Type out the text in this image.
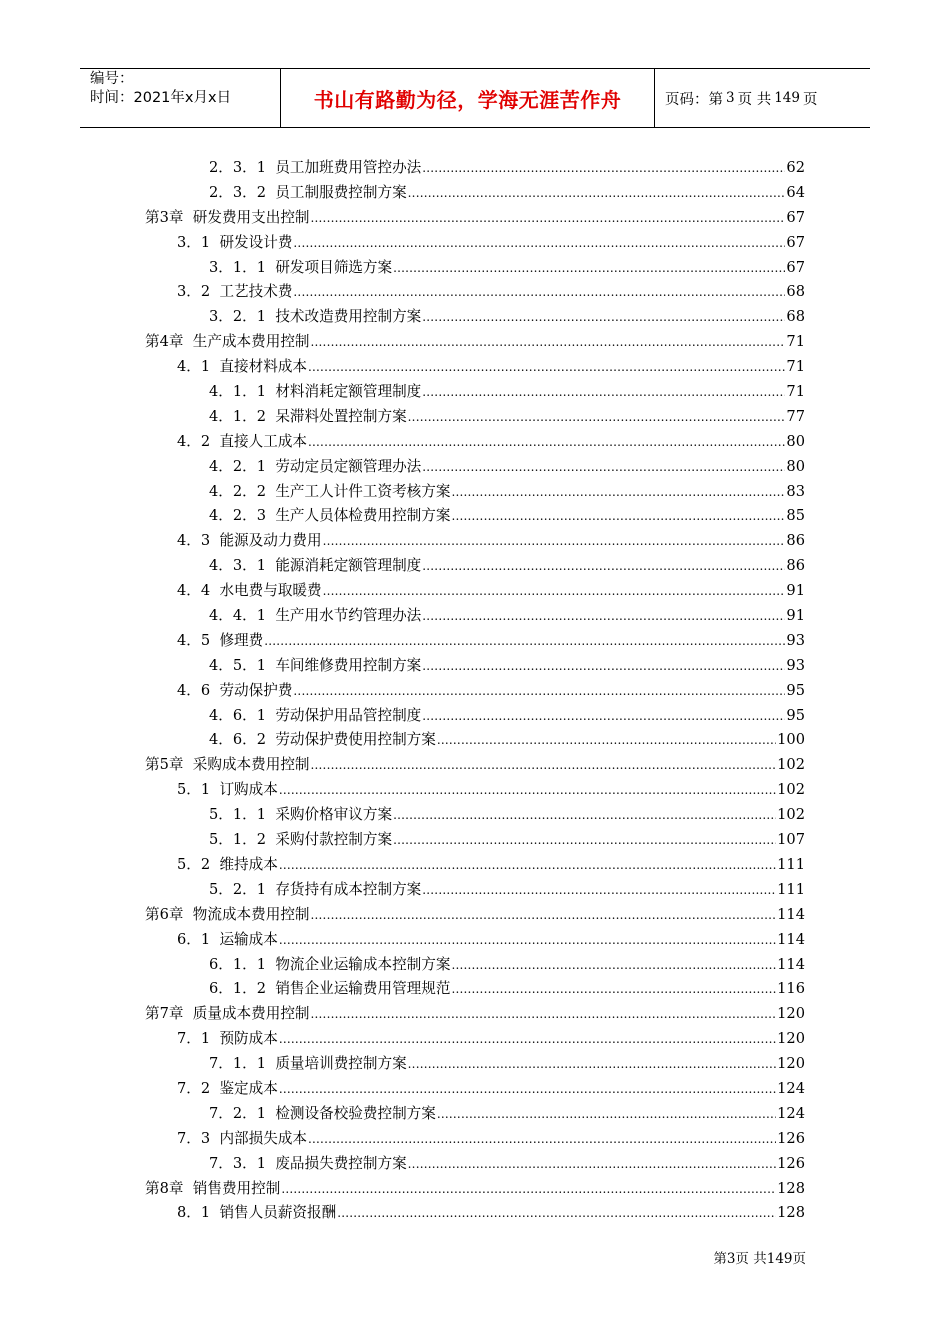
编号：
时间：2021年x月x日	书山有路勤为径，学海无涯苦作舟	页码：第 3 页 共 149 页
2．3．1  员工加班费用管控办法 .....	62
2．3．2  员工制服费控制方案 .....	64
第3章  研发费用支出控制 .....	67
3．1  研发设计费 .....	67
3．1．1  研发项目筛选方案 .....	67
3．2  工艺技术费 .....	68
3．2．1  技术改造费用控制方案 .....	68
第4章  生产成本费用控制 .....	71
4．1  直接材料成本 .....	71
4．1．1  材料消耗定额管理制度 .....	71
4．1．2  呆滞料处置控制方案 .....	77
4．2  直接人工成本 .....	80
4．2．1  劳动定员定额管理办法 .....	80
4．2．2  生产工人计件工资考核方案 .....	83
4．2．3  生产人员体检费用控制方案 .....	85
4．3  能源及动力费用 .....	86
4．3．1  能源消耗定额管理制度 .....	86
4．4  水电费与取暖费 .....	91
4．4．1  生产用水节约管理办法 .....	91
4．5  修理费 .....	93
4．5．1  车间维修费用控制方案 .....	93
4．6  劳动保护费 .....	95
4．6．1  劳动保护用品管控制度 .....	95
4．6．2  劳动保护费使用控制方案 .....	100
第5章  采购成本费用控制 .....	102
5．1  订购成本 .....	102
5．1．1  采购价格审议方案 .....	102
5．1．2  采购付款控制方案 .....	107
5．2  维持成本 .....	111
5．2．1  存货持有成本控制方案 .....	111
第6章  物流成本费用控制 .....	114
6．1  运输成本 .....	114
6．1．1  物流企业运输成本控制方案 .....	114
6．1．2  销售企业运输费用管理规范 .....	116
第7章  质量成本费用控制 .....	120
7．1  预防成本 .....	120
7．1．1  质量培训费控制方案 .....	120
7．2  鉴定成本 .....	124
7．2．1  检测设备校验费控制方案 .....	124
7．3  内部损失成本 .....	126
7．3．1  废品损失费控制方案 .....	126
第8章  销售费用控制 .....	128
8．1  销售人员薪资报酬 .....	128
第3页 共149页
